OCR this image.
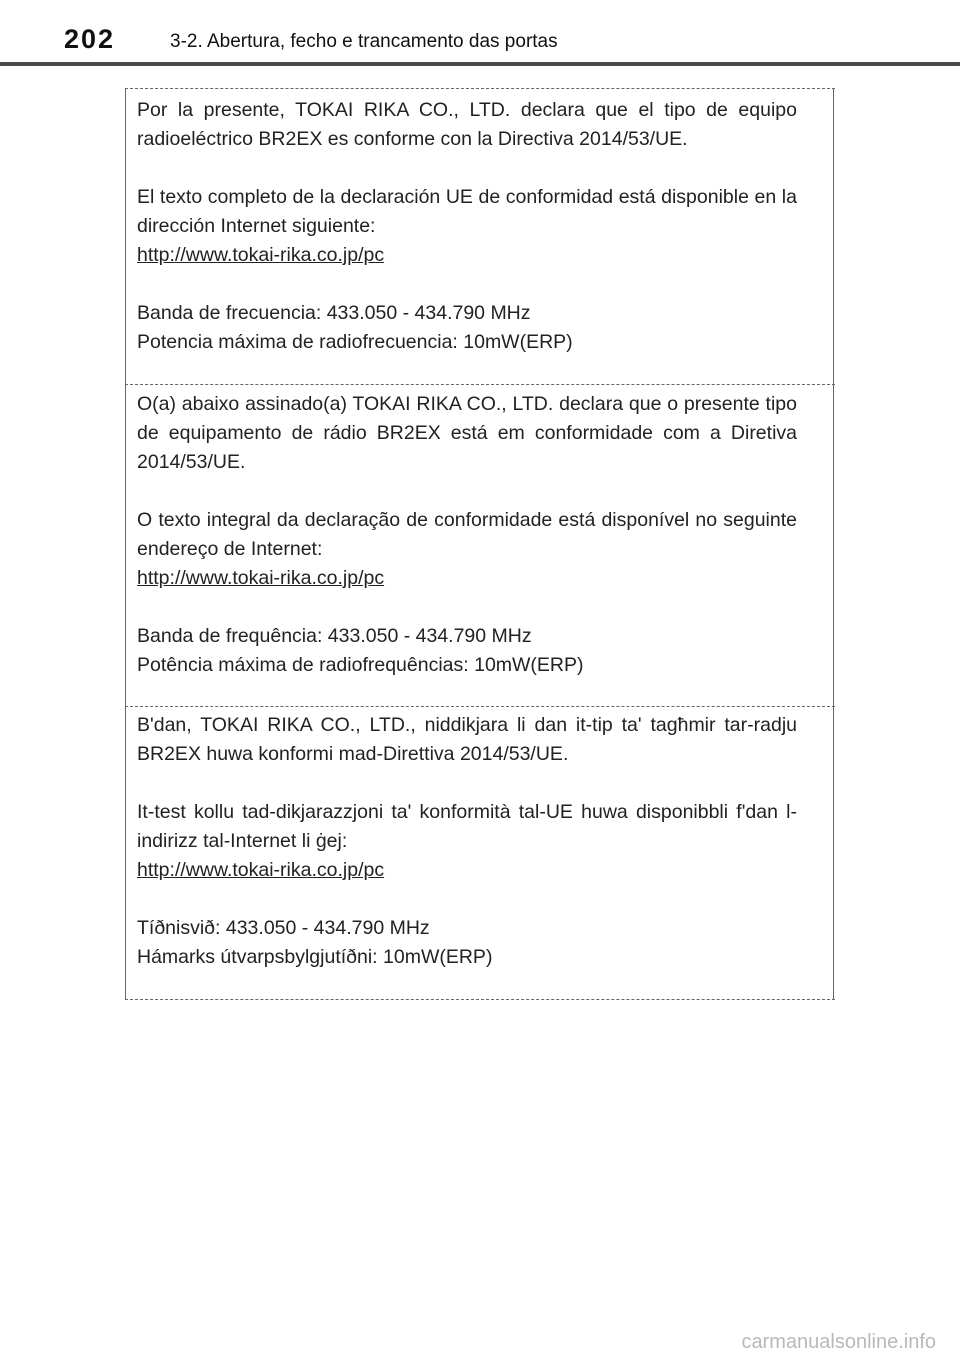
202	3-2. Abertura, fecho e trancamento das portas

Por la presente, TOKAI RIKA CO., LTD. declara que el tipo de equipo radioeléctrico BR2EX es conforme con la Directiva 2014/53/UE.

El texto completo de la declaración UE de conformidad está disponible en la dirección Internet siguiente:
http://www.tokai-rika.co.jp/pc

Banda de frecuencia: 433.050 - 434.790 MHz
Potencia máxima de radiofrecuencia: 10mW(ERP)

O(a) abaixo assinado(a) TOKAI RIKA CO., LTD. declara que o presente tipo de equipamento de rádio BR2EX está em conformidade com a Diretiva 2014/53/UE.

O texto integral da declaração de conformidade está disponível no seguinte endereço de Internet:
http://www.tokai-rika.co.jp/pc

Banda de frequência: 433.050 - 434.790 MHz
Potência máxima de radiofrequências: 10mW(ERP)

B'dan, TOKAI RIKA CO., LTD., niddikjara li dan it-tip ta' tagħmir tar-radju BR2EX huwa konformi mad-Direttiva 2014/53/UE.

It-test kollu tad-dikjarazzjoni ta' konformità tal-UE huwa disponibbli f'dan l-indirizz tal-Internet li ġej:
http://www.tokai-rika.co.jp/pc

Tíðnisvið: 433.050 - 434.790 MHz
Hámarks útvarpsbylgjutíðni: 10mW(ERP)

carmanualsonline.info
